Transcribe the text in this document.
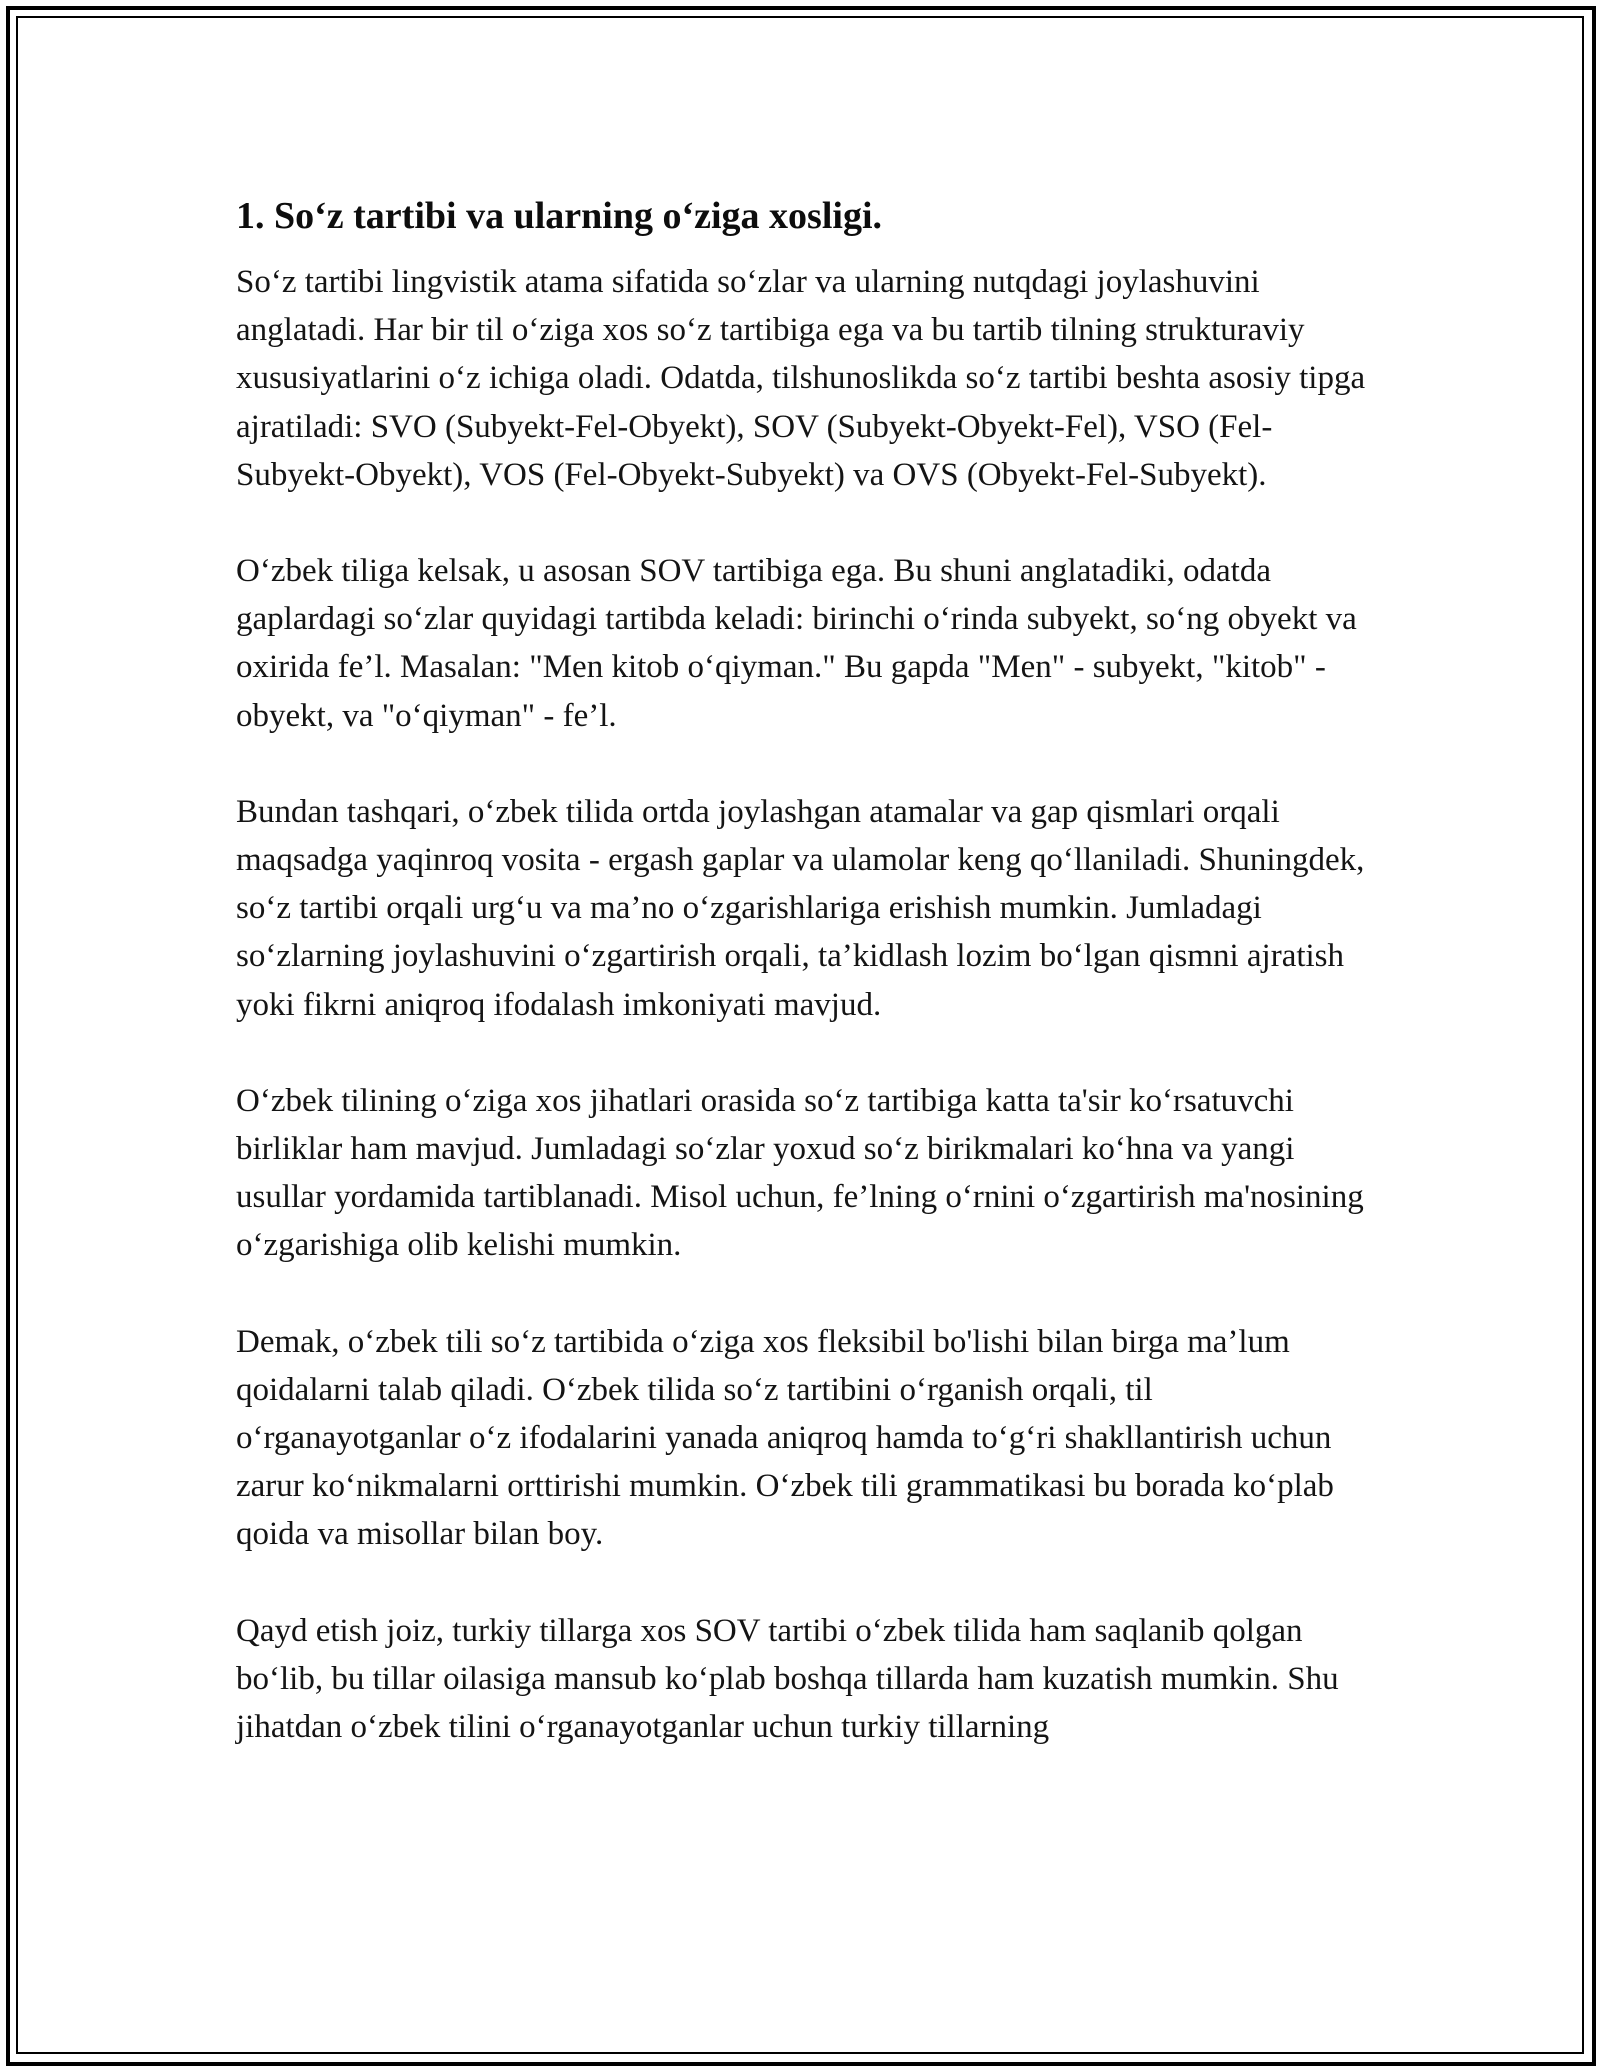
1. So‘z tartibi va ularning o‘ziga xosligi.

So‘z tartibi lingvistik atama sifatida so‘zlar va ularning nutqdagi joylashuvini anglatadi. Har bir til o‘ziga xos so‘z tartibiga ega va bu tartib tilning strukturaviy xususiyatlarini o‘z ichiga oladi. Odatda, tilshunoslikda so‘z tartibi beshta asosiy tipga ajratiladi: SVO (Subyekt-Fel-Obyekt), SOV (Subyekt-Obyekt-Fel), VSO (Fel-Subyekt-Obyekt), VOS (Fel-Obyekt-Subyekt) va OVS (Obyekt-Fel-Subyekt).

O‘zbek tiliga kelsak, u asosan SOV tartibiga ega. Bu shuni anglatadiki, odatda gaplardagi so‘zlar quyidagi tartibda keladi: birinchi o‘rinda subyekt, so‘ng obyekt va oxirida fe’l. Masalan: "Men kitob o‘qiyman." Bu gapda "Men" - subyekt, "kitob" - obyekt, va "o‘qiyman" - fe’l.

Bundan tashqari, o‘zbek tilida ortda joylashgan atamalar va gap qismlari orqali maqsadga yaqinroq vosita - ergash gaplar va ulamolar keng qo‘llaniladi. Shuningdek, so‘z tartibi orqali urg‘u va ma’no o‘zgarishlariga erishish mumkin. Jumladagi so‘zlarning joylashuvini o‘zgartirish orqali, ta’kidlash lozim bo‘lgan qismni ajratish yoki fikrni aniqroq ifodalash imkoniyati mavjud.

O‘zbek tilining o‘ziga xos jihatlari orasida so‘z tartibiga katta ta'sir ko‘rsatuvchi birliklar ham mavjud. Jumladagi so‘zlar yoxud so‘z birikmalari ko‘hna va yangi usullar yordamida tartiblanadi. Misol uchun, fe’lning o‘rnini o‘zgartirish ma'nosining o‘zgarishiga olib kelishi mumkin.

Demak, o‘zbek tili so‘z tartibida o‘ziga xos fleksibil bo'lishi bilan birga ma’lum qoidalarni talab qiladi. O‘zbek tilida so‘z tartibini o‘rganish orqali, til o‘rganayotganlar o‘z ifodalarini yanada aniqroq hamda to‘g‘ri shakllantirish uchun zarur ko‘nikmalarni orttirishi mumkin. O‘zbek tili grammatikasi bu borada ko‘plab qoida va misollar bilan boy.

Qayd etish joiz, turkiy tillarga xos SOV tartibi o‘zbek tilida ham saqlanib qolgan bo‘lib, bu tillar oilasiga mansub ko‘plab boshqa tillarda ham kuzatish mumkin. Shu jihatdan o‘zbek tilini o‘rganayotganlar uchun turkiy tillarning
